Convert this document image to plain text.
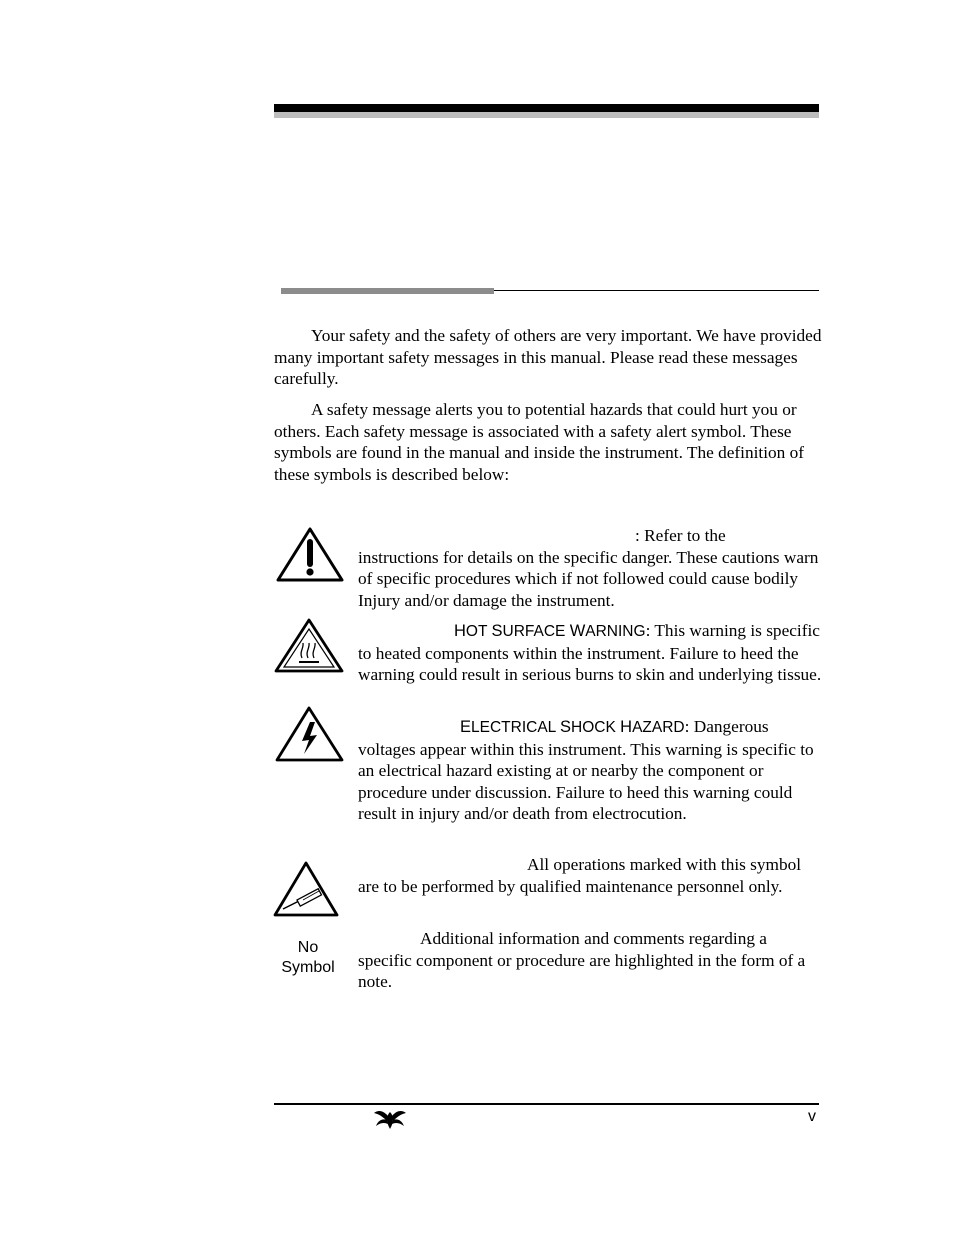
Your safety and the safety of others are very important. We have provided many important safety messages in this manual. Please read these messages carefully.

A safety message alerts you to potential hazards that could hurt you or others. Each safety message is associated with a safety alert symbol. These symbols are found in the manual and inside the instrument. The definition of these symbols is described below:

: Refer to the
instructions for details on the specific danger. These cautions warn of specific procedures which if not followed could cause bodily Injury and/or damage the instrument.

HOT SURFACE WARNING: This warning is specific to heated components within the instrument. Failure to heed the warning could result in serious burns to skin and underlying tissue.

ELECTRICAL SHOCK HAZARD: Dangerous voltages appear within this instrument. This warning is specific to an electrical hazard existing at or nearby the component or procedure under discussion. Failure to heed this warning could result in injury and/or death from electrocution.

All operations marked with this symbol are to be performed by qualified maintenance personnel only.

No
Symbol

Additional information and comments regarding a specific component or procedure are highlighted in the form of a note.

v
